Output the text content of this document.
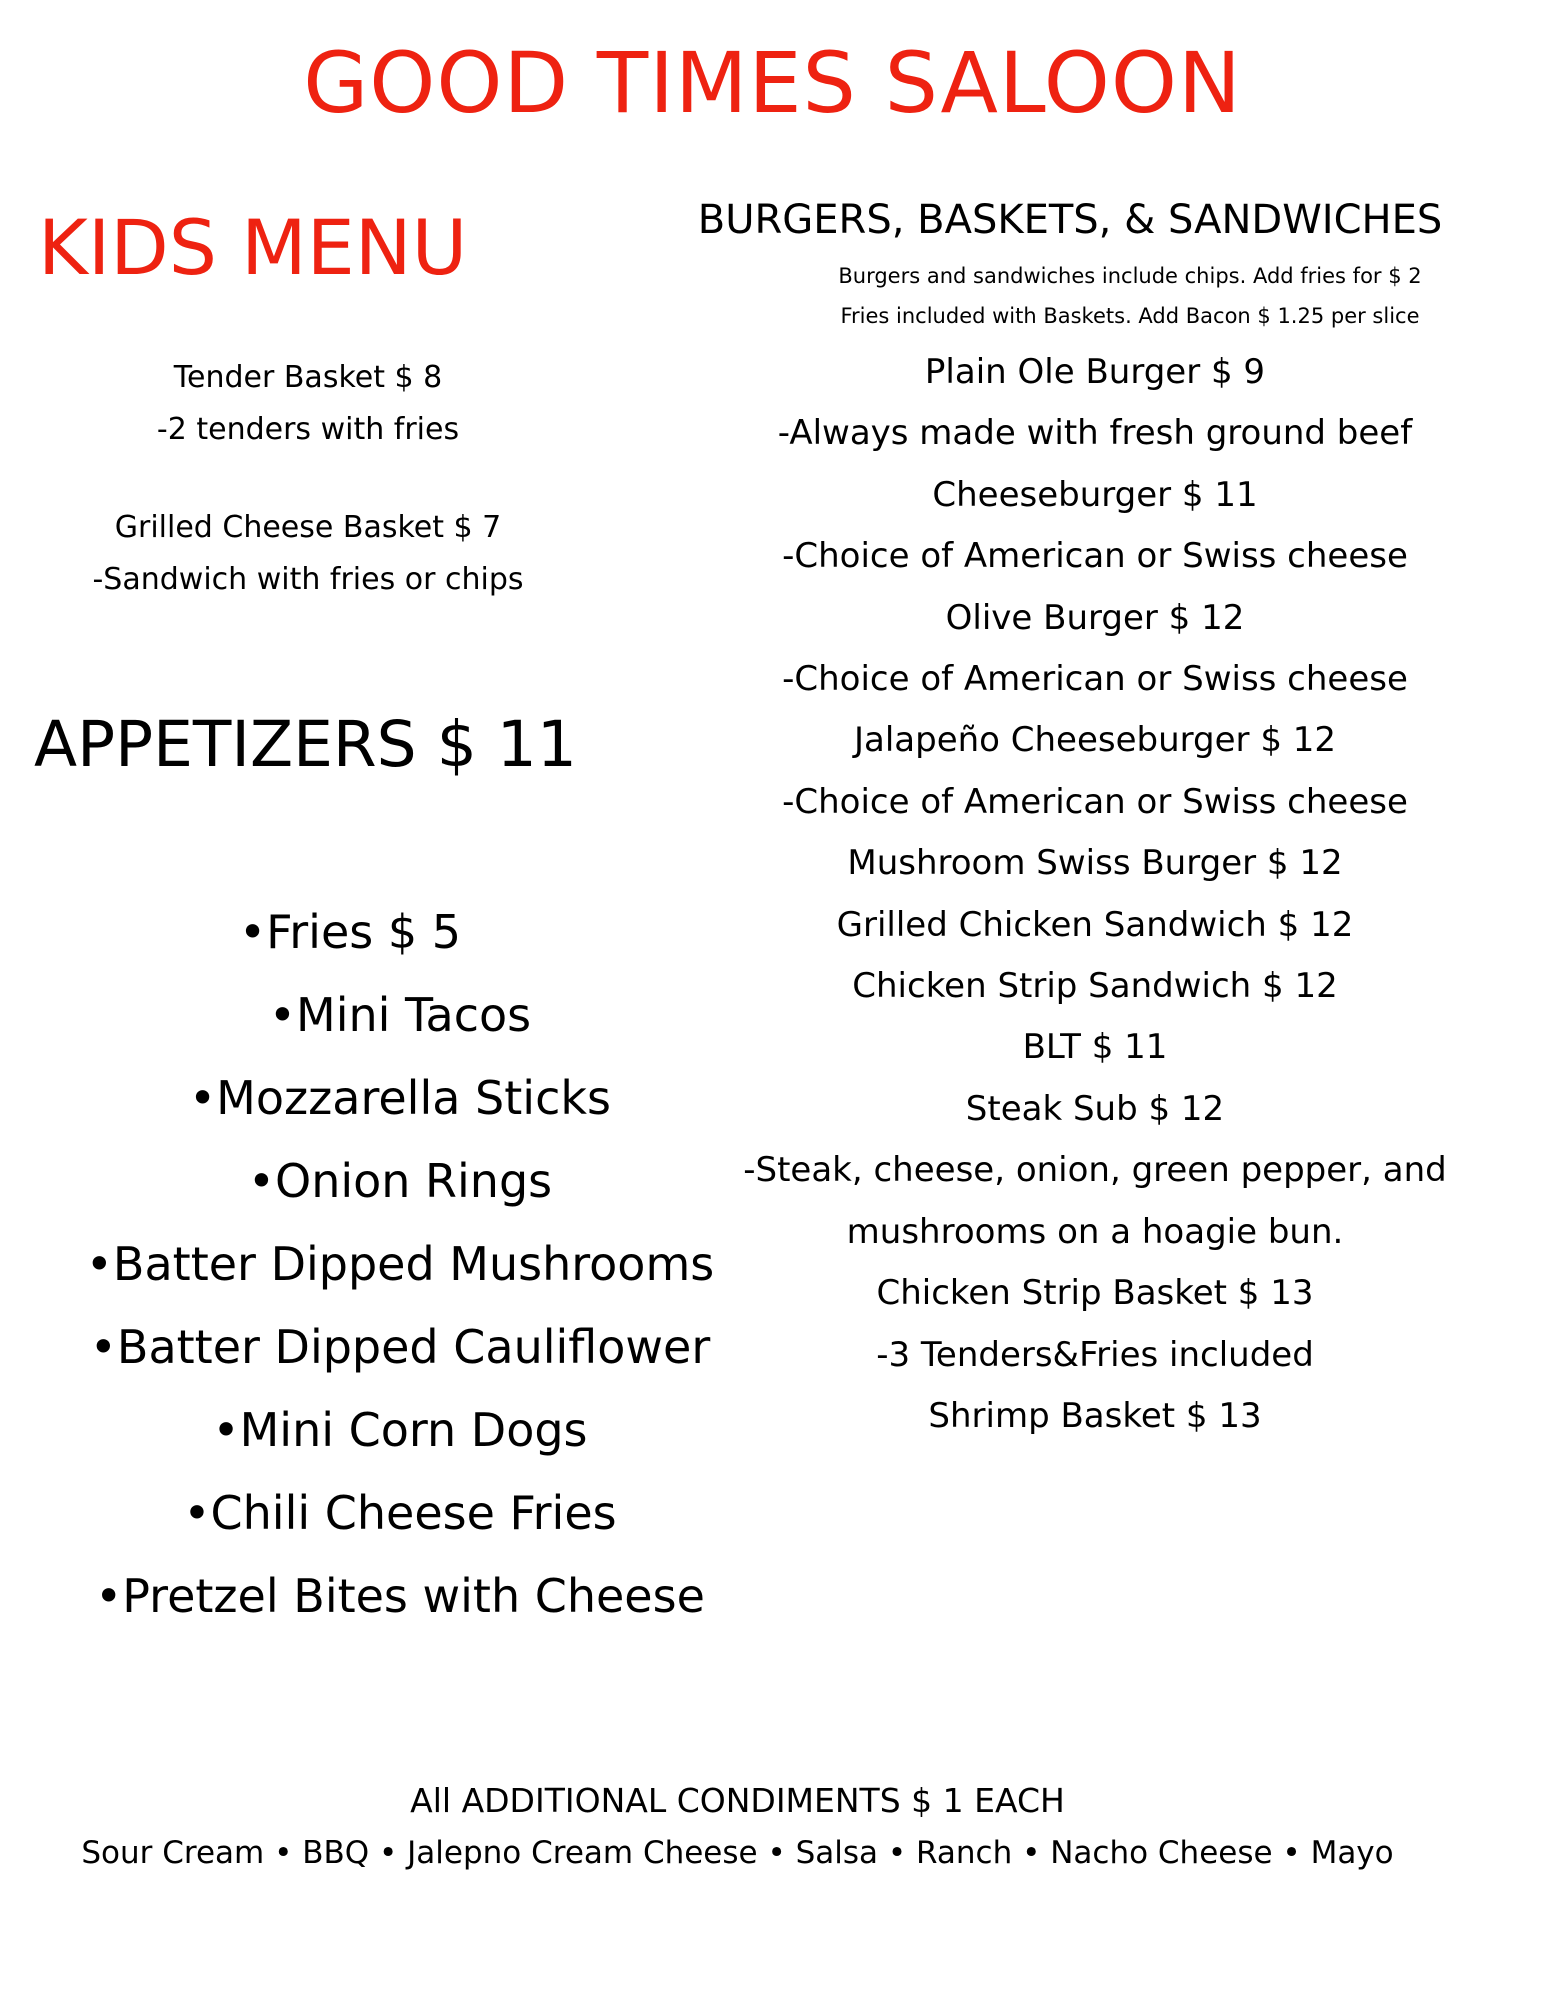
GOOD TIMES SALOON
KIDS MENU
Tender Basket $ 8
-2 tenders with fries
Grilled Cheese Basket $ 7
-Sandwich with fries or chips
APPETIZERS $ 11
•Fries $ 5
•Mini Tacos
•Mozzarella Sticks
•Onion Rings
•Batter Dipped Mushrooms
•Batter Dipped Cauliflower
•Mini Corn Dogs
•Chili Cheese Fries
•Pretzel Bites with Cheese
BURGERS, BASKETS, & SANDWICHES
Burgers and sandwiches include chips. Add fries for $ 2
Fries included with Baskets. Add Bacon $ 1.25 per slice
Plain Ole Burger $ 9
-Always made with fresh ground beef
Cheeseburger $ 11
-Choice of American or Swiss cheese
Olive Burger $ 12
-Choice of American or Swiss cheese
Jalapeño Cheeseburger $ 12
-Choice of American or Swiss cheese
Mushroom Swiss Burger $ 12
Grilled Chicken Sandwich $ 12
Chicken Strip Sandwich $ 12
BLT $ 11
Steak Sub $ 12
-Steak, cheese, onion, green pepper, and
mushrooms on a hoagie bun.
Chicken Strip Basket $ 13
-3 Tenders&Fries included
Shrimp Basket $ 13
All ADDITIONAL CONDIMENTS $ 1 EACH
Sour Cream • BBQ • Jalepno Cream Cheese • Salsa • Ranch • Nacho Cheese • Mayo
